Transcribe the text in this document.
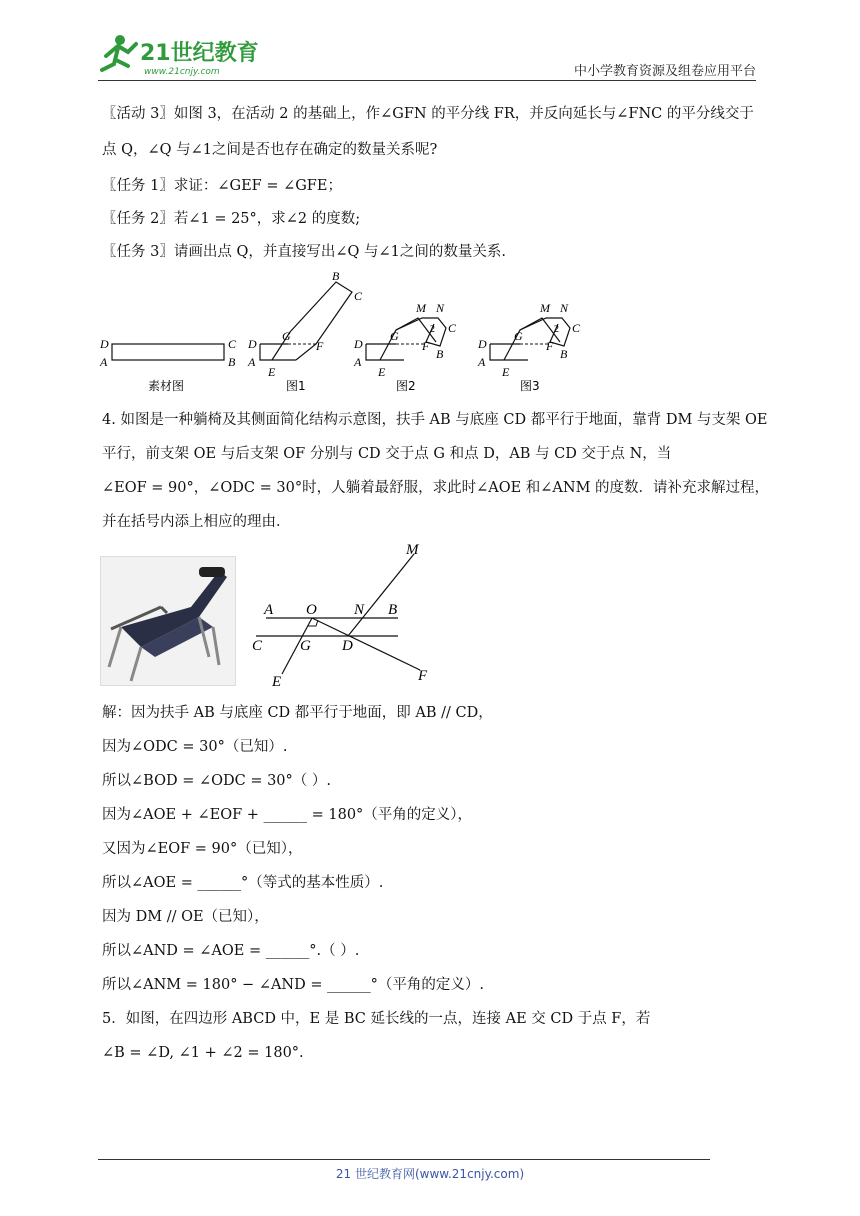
21世纪教育
www.21cnjy.com	中小学教育资源及组卷应用平台
〖活动 3〗如图 3，在活动 2 的基础上，作∠GFN 的平分线 FR，并反向延长与∠FNC 的平分线交于
点 Q，∠Q 与∠1之间是否也存在确定的数量关系呢?
〖任务 1〗求证：∠GEF = ∠GFE；
〖任务 2〗若∠1 = 25°，求∠2 的度数;
〖任务 3〗请画出点 Q，并直接写出∠Q 与∠1之间的数量关系.
D	C
A	B
素材图
D
A
E
G
F
B
C
图1
D
A
E
G
F
M N
C
B
2
图2
D
A
E
G
F
M N
C
B
2
图3
4. 如图是一种躺椅及其侧面简化结构示意图，扶手 AB 与底座 CD 都平行于地面，靠背 DM 与支架 OE
平行，前支架 OE 与后支架 OF 分别与 CD 交于点 G 和点 D，AB 与 CD 交于点 N，当
∠EOF = 90°，∠ODC = 30°时，人躺着最舒服，求此时∠AOE 和∠ANM 的度数．请补充求解过程，
并在括号内添上相应的理由．
M
A O N B
C	G D
E	F
解：因为扶手 AB 与底座 CD 都平行于地面，即 AB // CD，
因为∠ODC = 30°（已知）.
所以∠BOD = ∠ODC = 30°（ ）.
因为∠AOE + ∠EOF + ______ = 180°（平角的定义），
又因为∠EOF = 90°（已知），
所以∠AOE = ______°（等式的基本性质）.
因为 DM // OE（已知），
所以∠AND = ∠AOE = ______°.（ ）.
所以∠ANM = 180° − ∠AND = ______°（平角的定义）.
5．如图，在四边形 ABCD 中，E 是 BC 延长线的一点，连接 AE 交 CD 于点 F，若
∠B = ∠D, ∠1 + ∠2 = 180°.
21 世纪教育网(www.21cnjy.com)
